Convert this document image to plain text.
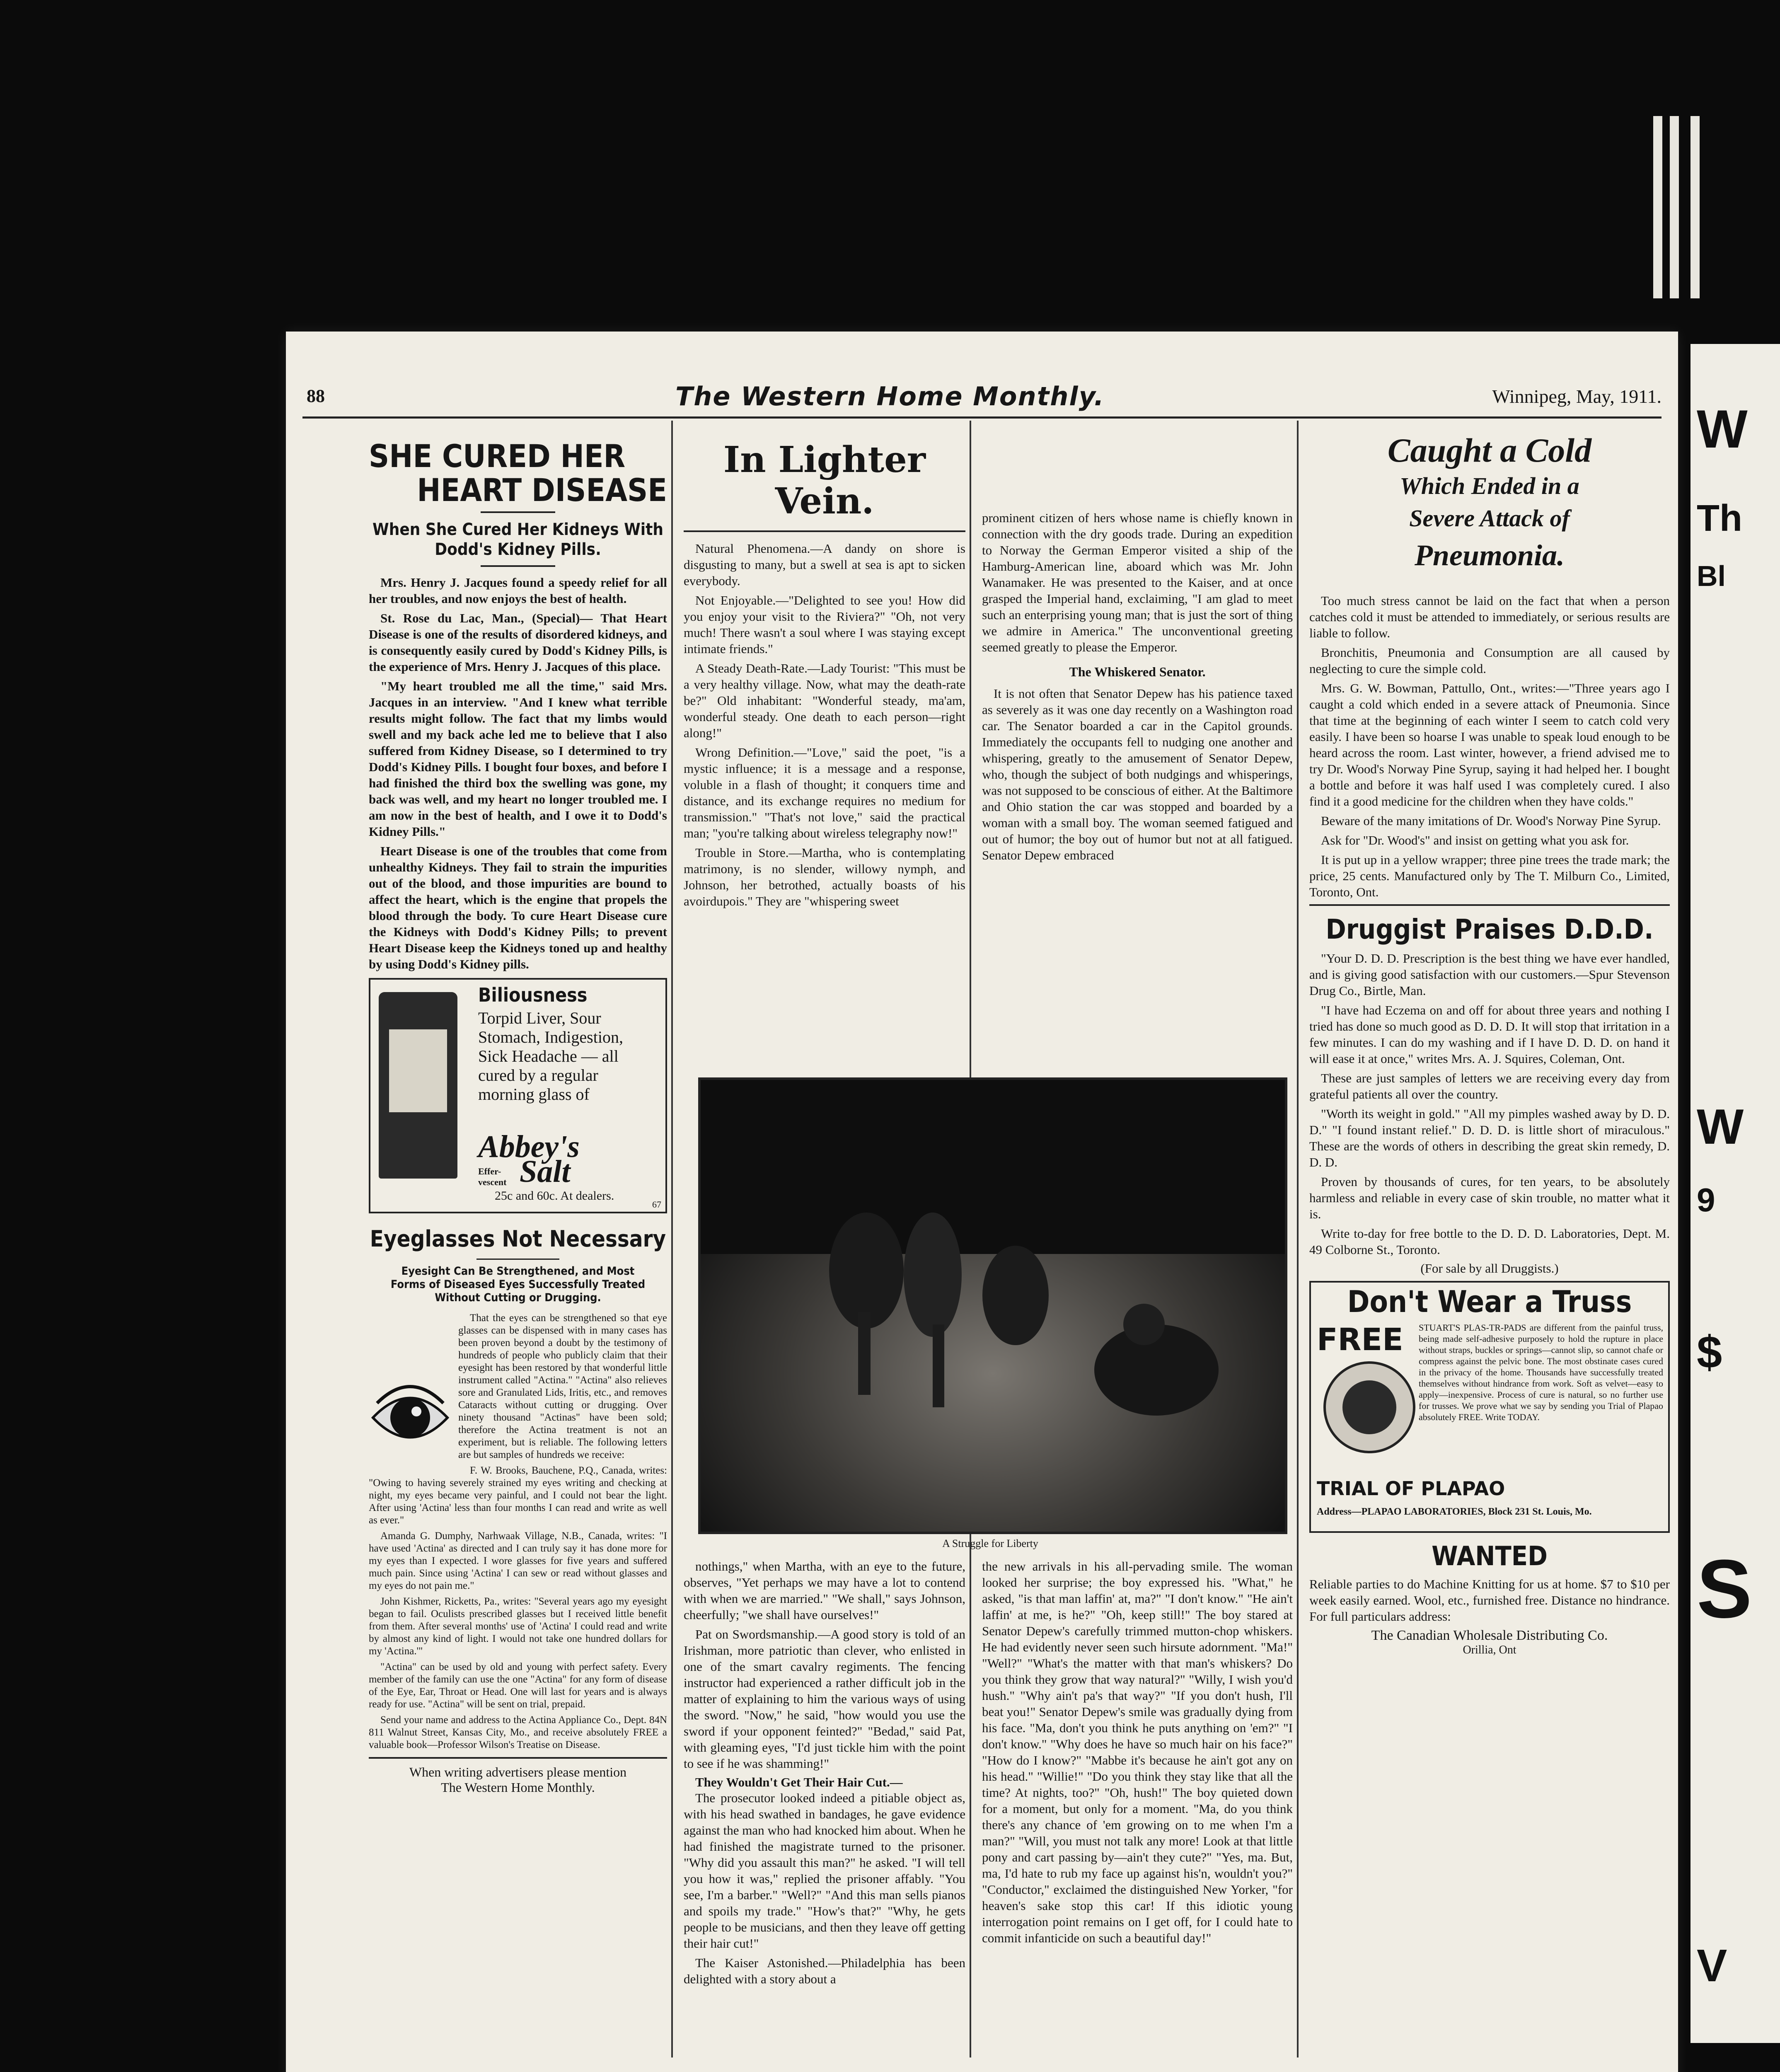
W
Th
Bl
W
9
$
S
V
88	The Western Home Monthly.	Winnipeg, May, 1911.
SHE CURED HER
HEART DISEASE
When She Cured Her Kidneys With Dodd's Kidney Pills.

Mrs. Henry J. Jacques found a speedy relief for all her troubles, and now enjoys the best of health.

St. Rose du Lac, Man., (Special)— That Heart Disease is one of the results of disordered kidneys, and is consequently easily cured by Dodd's Kidney Pills, is the experience of Mrs. Henry J. Jacques of this place.

"My heart troubled me all the time," said Mrs. Jacques in an interview. "And I knew what terrible results might follow. The fact that my limbs would swell and my back ache led me to believe that I also suffered from Kidney Disease, so I determined to try Dodd's Kidney Pills. I bought four boxes, and before I had finished the third box the swelling was gone, my back was well, and my heart no longer troubled me. I am now in the best of health, and I owe it to Dodd's Kidney Pills."

Heart Disease is one of the troubles that come from unhealthy Kidneys. They fail to strain the impurities out of the blood, and those impurities are bound to affect the heart, which is the engine that propels the blood through the body. To cure Heart Disease cure the Kidneys with Dodd's Kidney Pills; to prevent Heart Disease keep the Kidneys toned up and healthy by using Dodd's Kidney pills.

Biliousness
Torpid Liver, Sour Stomach, Indigestion, Sick Headache — all cured by a regular morning glass of
Abbey's
Effer-vescent Salt
25c and 60c. At dealers.
67
Eyeglasses Not Necessary
Eyesight Can Be Strengthened, and Most Forms of Diseased Eyes Successfully Treated Without Cutting or Drugging.

That the eyes can be strengthened so that eye glasses can be dispensed with in many cases has been proven beyond a doubt by the testimony of hundreds of people who publicly claim that their eyesight has been restored by that wonderful little instrument called "Actina." "Actina" also relieves sore and Granulated Lids, Iritis, etc., and removes Cataracts without cutting or drugging. Over ninety thousand "Actinas" have been sold; therefore the Actina treatment is not an experiment, but is reliable. The following letters are but samples of hundreds we receive:

F. W. Brooks, Bauchene, P.Q., Canada, writes: "Owing to having severely strained my eyes writing and checking at night, my eyes became very painful, and I could not bear the light. After using 'Actina' less than four months I can read and write as well as ever."

Amanda G. Dumphy, Narhwaak Village, N.B., Canada, writes: "I have used 'Actina' as directed and I can truly say it has done more for my eyes than I expected. I wore glasses for five years and suffered much pain. Since using 'Actina' I can sew or read without glasses and my eyes do not pain me."

John Kishmer, Ricketts, Pa., writes: "Several years ago my eyesight began to fail. Oculists prescribed glasses but I received little benefit from them. After several months' use of 'Actina' I could read and write by almost any kind of light. I would not take one hundred dollars for my 'Actina.'"

"Actina" can be used by old and young with perfect safety. Every member of the family can use the one "Actina" for any form of disease of the Eye, Ear, Throat or Head. One will last for years and is always ready for use. "Actina" will be sent on trial, prepaid.

Send your name and address to the Actina Appliance Co., Dept. 84N 811 Walnut Street, Kansas City, Mo., and receive absolutely FREE a valuable book—Professor Wilson's Treatise on Disease.

When writing advertisers please mention
The Western Home Monthly.
In Lighter Vein.

Natural Phenomena.—A dandy on shore is disgusting to many, but a swell at sea is apt to sicken everybody.

Not Enjoyable.—"Delighted to see you! How did you enjoy your visit to the Riviera?" "Oh, not very much! There wasn't a soul where I was staying except intimate friends."

A Steady Death-Rate.—Lady Tourist: "This must be a very healthy village. Now, what may the death-rate be?" Old inhabitant: "Wonderful steady, ma'am, wonderful steady. One death to each person—right along!"

Wrong Definition.—"Love," said the poet, "is a mystic influence; it is a message and a response, voluble in a flash of thought; it conquers time and distance, and its exchange requires no medium for transmission." "That's not love," said the practical man; "you're talking about wireless telegraphy now!"

Trouble in Store.—Martha, who is contemplating matrimony, is no slender, willowy nymph, and Johnson, her betrothed, actually boasts of his avoirdupois." They are "whispering sweet

nothings," when Martha, with an eye to the future, observes, "Yet perhaps we may have a lot to contend with when we are married." "We shall," says Johnson, cheerfully; "we shall have ourselves!"

Pat on Swordsmanship.—A good story is told of an Irishman, more patriotic than clever, who enlisted in one of the smart cavalry regiments. The fencing instructor had experienced a rather difficult job in the matter of explaining to him the various ways of using the sword. "Now," he said, "how would you use the sword if your opponent feinted?" "Bedad," said Pat, with gleaming eyes, "I'd just tickle him with the point to see if he was shamming!"

They Wouldn't Get Their Hair Cut.—

The prosecutor looked indeed a pitiable object as, with his head swathed in bandages, he gave evidence against the man who had knocked him about. When he had finished the magistrate turned to the prisoner. "Why did you assault this man?" he asked. "I will tell you how it was," replied the prisoner affably. "You see, I'm a barber." "Well?" "And this man sells pianos and spoils my trade." "How's that?" "Why, he gets people to be musicians, and then they leave off getting their hair cut!"

The Kaiser Astonished.—Philadelphia has been delighted with a story about a

prominent citizen of hers whose name is chiefly known in connection with the dry goods trade. During an expedition to Norway the German Emperor visited a ship of the Hamburg-American line, aboard which was Mr. John Wanamaker. He was presented to the Kaiser, and at once grasped the Imperial hand, exclaiming, "I am glad to meet such an enterprising young man; that is just the sort of thing we admire in America." The unconventional greeting seemed greatly to please the Emperor.

The Whiskered Senator.

It is not often that Senator Depew has his patience taxed as severely as it was one day recently on a Washington road car. The Senator boarded a car in the Capitol grounds. Immediately the occupants fell to nudging one another and whispering, greatly to the amusement of Senator Depew, who, though the subject of both nudgings and whisperings, was not supposed to be conscious of either. At the Baltimore and Ohio station the car was stopped and boarded by a woman with a small boy. The woman seemed fatigued and out of humor; the boy out of humor but not at all fatigued. Senator Depew embraced

the new arrivals in his all-pervading smile. The woman looked her surprise; the boy expressed his. "What," he asked, "is that man laffin' at, ma?" "I don't know." "He ain't laffin' at me, is he?" "Oh, keep still!" The boy stared at Senator Depew's carefully trimmed mutton-chop whiskers. He had evidently never seen such hirsute adornment. "Ma!" "Well?" "What's the matter with that man's whiskers? Do you think they grow that way natural?" "Willy, I wish you'd hush." "Why ain't pa's that way?" "If you don't hush, I'll beat you!" Senator Depew's smile was gradually dying from his face. "Ma, don't you think he puts anything on 'em?" "I don't know." "Why does he have so much hair on his face?" "How do I know?" "Mabbe it's because he ain't got any on his head." "Willie!" "Do you think they stay like that all the time? At nights, too?" "Oh, hush!" The boy quieted down for a moment, but only for a moment. "Ma, do you think there's any chance of 'em growing on to me when I'm a man?" "Will, you must not talk any more! Look at that little pony and cart passing by—ain't they cute?" "Yes, ma. But, ma, I'd hate to rub my face up against his'n, wouldn't you?" "Conductor," exclaimed the distinguished New Yorker, "for heaven's sake stop this car! If this idiotic young interrogation point remains on I get off, for I could hate to commit infanticide on such a beautiful day!"

A Struggle for Liberty
Caught a Cold
Which Ended in a
Severe Attack of
Pneumonia.

Too much stress cannot be laid on the fact that when a person catches cold it must be attended to immediately, or serious results are liable to follow.

Bronchitis, Pneumonia and Consumption are all caused by neglecting to cure the simple cold.

Mrs. G. W. Bowman, Pattullo, Ont., writes:—"Three years ago I caught a cold which ended in a severe attack of Pneumonia. Since that time at the beginning of each winter I seem to catch cold very easily. I have been so hoarse I was unable to speak loud enough to be heard across the room. Last winter, however, a friend advised me to try Dr. Wood's Norway Pine Syrup, saying it had helped her. I bought a bottle and before it was half used I was completely cured. I also find it a good medicine for the children when they have colds."

Beware of the many imitations of Dr. Wood's Norway Pine Syrup.

Ask for "Dr. Wood's" and insist on getting what you ask for.

It is put up in a yellow wrapper; three pine trees the trade mark; the price, 25 cents. Manufactured only by The T. Milburn Co., Limited, Toronto, Ont.

Druggist Praises D.D.D.

"Your D. D. D. Prescription is the best thing we have ever handled, and is giving good satisfaction with our customers.—Spur Stevenson Drug Co., Birtle, Man.

"I have had Eczema on and off for about three years and nothing I tried has done so much good as D. D. D. It will stop that irritation in a few minutes. I can do my washing and if I have D. D. D. on hand it will ease it at once," writes Mrs. A. J. Squires, Coleman, Ont.

These are just samples of letters we are receiving every day from grateful patients all over the country.

"Worth its weight in gold." "All my pimples washed away by D. D. D." "I found instant relief." D. D. D. is little short of miraculous." These are the words of others in describing the great skin remedy, D. D. D.

Proven by thousands of cures, for ten years, to be absolutely harmless and reliable in every case of skin trouble, no matter what it is.

Write to-day for free bottle to the D. D. D. Laboratories, Dept. M. 49 Colborne St., Toronto.

(For sale by all Druggists.)
Don't Wear a Truss
FREE STUART'S PLAS-TR-PADS are different from the painful truss, being made self-adhesive purposely to hold the rupture in place without straps, buckles or springs—cannot slip, so cannot chafe or compress against the pelvic bone. The most obstinate cases cured in the privacy of the home. Thousands have successfully treated themselves without hindrance from work. Soft as velvet—easy to apply—inexpensive. Process of cure is natural, so no further use for trusses. We prove what we say by sending you Trial of Plapao absolutely FREE. Write TODAY.
TRIAL OF PLAPAO
Address—PLAPAO LABORATORIES, Block 231 St. Louis, Mo.
WANTED

Reliable parties to do Machine Knitting for us at home. $7 to $10 per week easily earned. Wool, etc., furnished free. Distance no hindrance. For full particulars address:

The Canadian Wholesale Distributing Co.
Orillia, Ont
